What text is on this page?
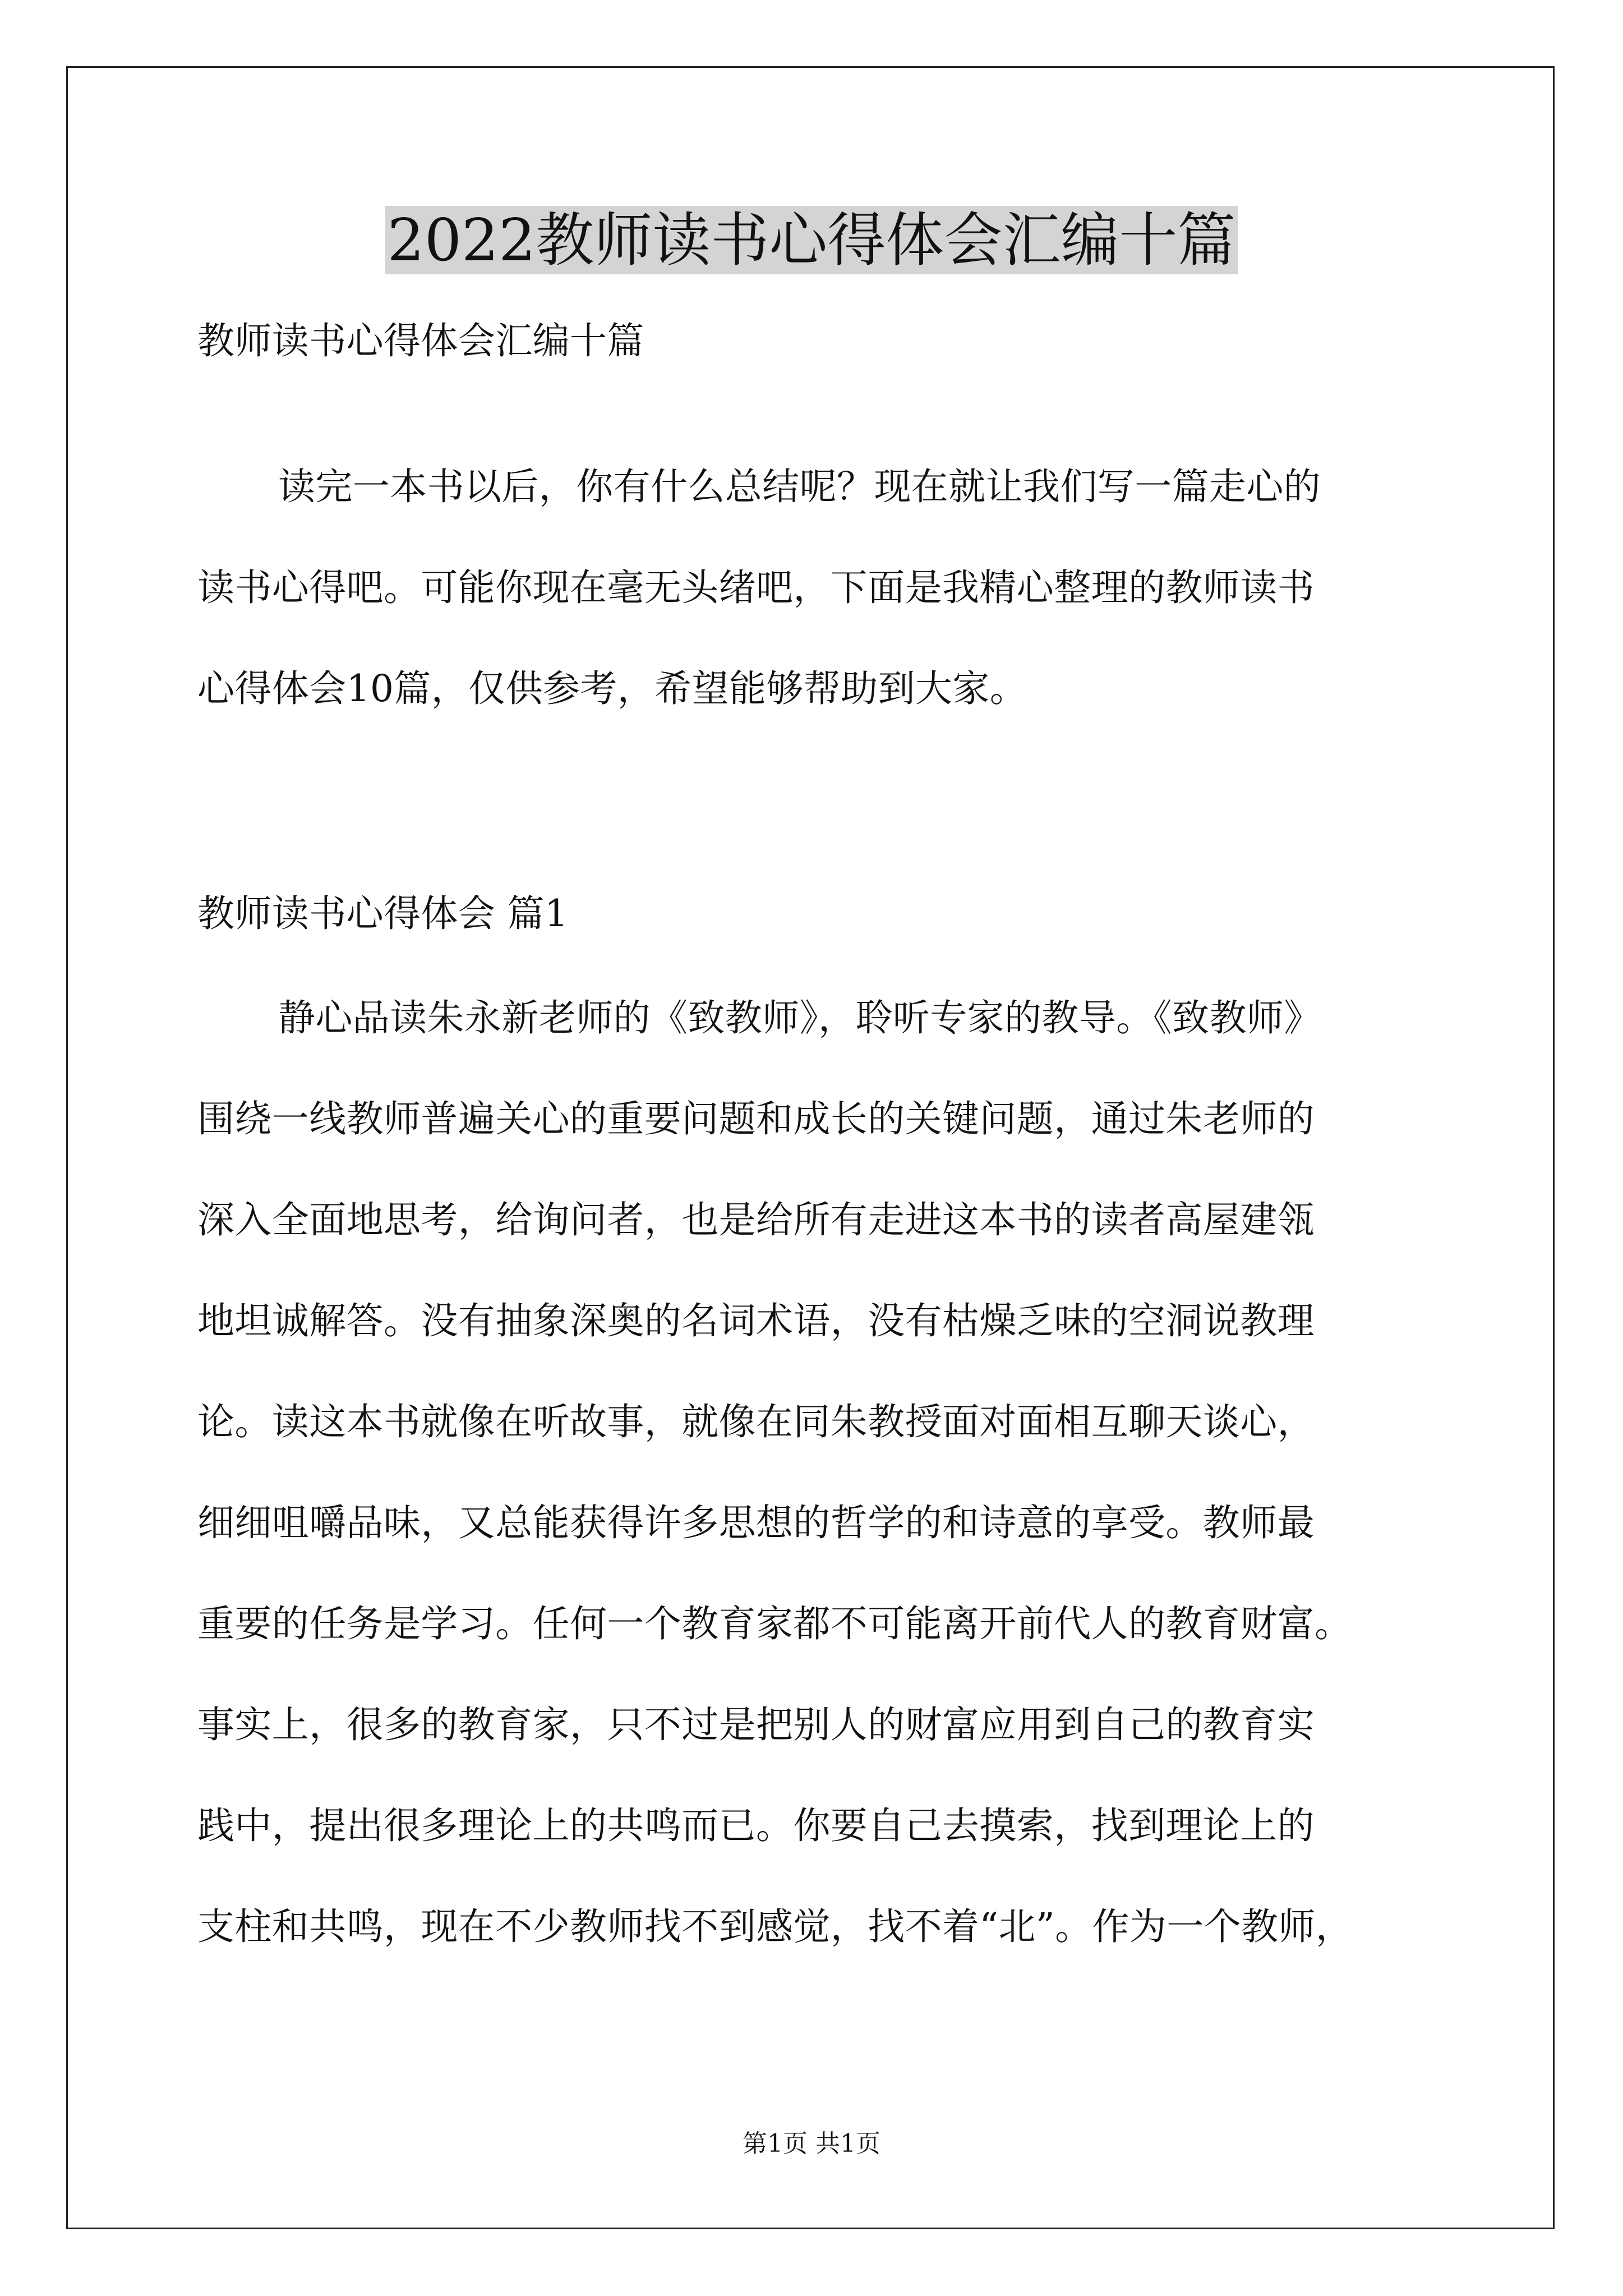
2022教师读书心得体会汇编十篇
教师读书心得体会汇编十篇
读完一本书以后，你有什么总结呢？现在就让我们写一篇走心的
读书心得吧。可能你现在毫无头绪吧，下面是我精心整理的教师读书
心得体会10篇，仅供参考，希望能够帮助到大家。
教师读书心得体会 篇1
静心品读朱永新老师的《致教师》，聆听专家的教导。《致教师》
围绕一线教师普遍关心的重要问题和成长的关键问题，通过朱老师的
深入全面地思考，给询问者，也是给所有走进这本书的读者高屋建瓴
地坦诚解答。没有抽象深奥的名词术语，没有枯燥乏味的空洞说教理
论。读这本书就像在听故事，就像在同朱教授面对面相互聊天谈心，
细细咀嚼品味，又总能获得许多思想的哲学的和诗意的享受。教师最
重要的任务是学习。任何一个教育家都不可能离开前代人的教育财富。
事实上，很多的教育家，只不过是把别人的财富应用到自己的教育实
践中，提出很多理论上的共鸣而已。你要自己去摸索，找到理论上的
支柱和共鸣，现在不少教师找不到感觉，找不着“北”。作为一个教师，
第1页 共1页
